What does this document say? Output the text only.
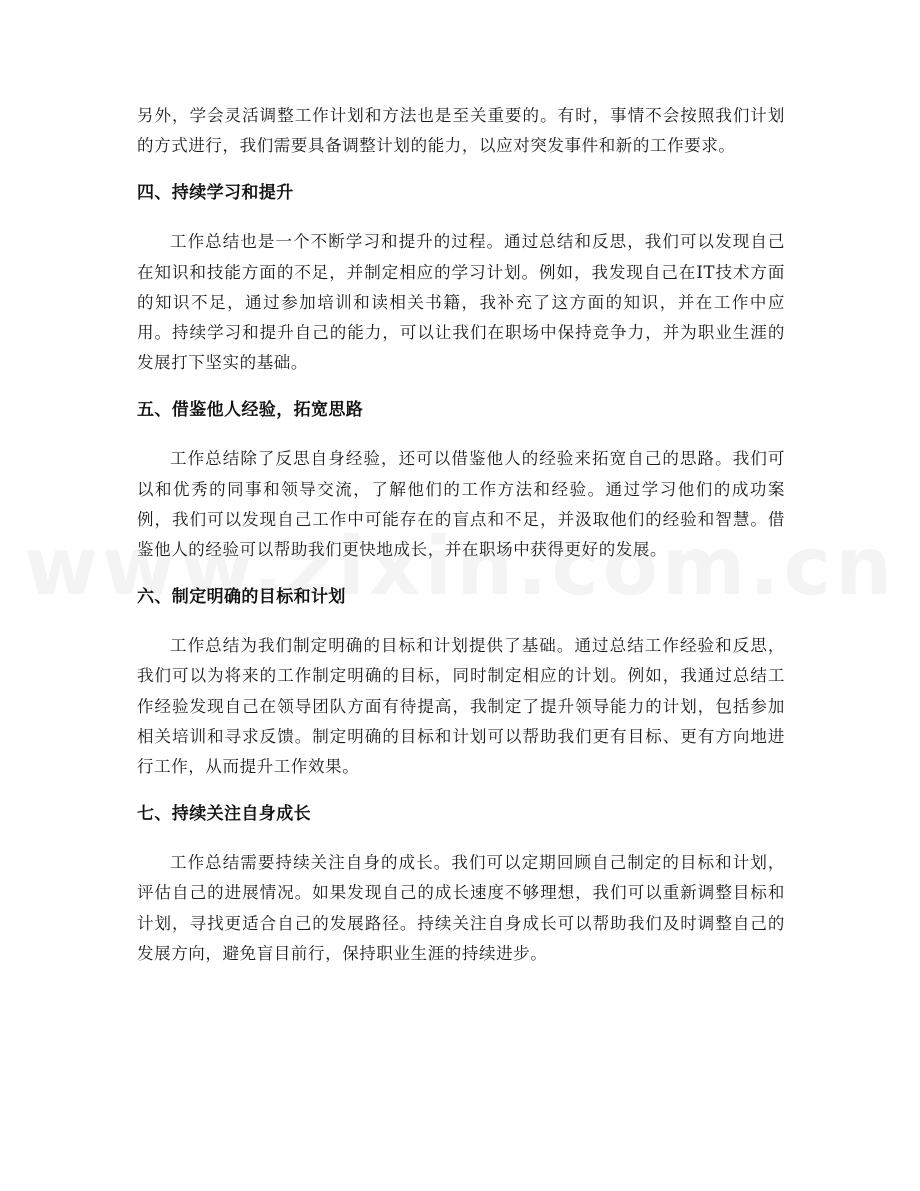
另外，学会灵活调整工作计划和方法也是至关重要的。有时，事情不会按照我们计划的方式进行，我们需要具备调整计划的能力，以应对突发事件和新的工作要求。

四、持续学习和提升

工作总结也是一个不断学习和提升的过程。通过总结和反思，我们可以发现自己在知识和技能方面的不足，并制定相应的学习计划。例如，我发现自己在IT技术方面的知识不足，通过参加培训和读相关书籍，我补充了这方面的知识，并在工作中应用。持续学习和提升自己的能力，可以让我们在职场中保持竞争力，并为职业生涯的发展打下坚实的基础。

五、借鉴他人经验，拓宽思路

工作总结除了反思自身经验，还可以借鉴他人的经验来拓宽自己的思路。我们可以和优秀的同事和领导交流，了解他们的工作方法和经验。通过学习他们的成功案例，我们可以发现自己工作中可能存在的盲点和不足，并汲取他们的经验和智慧。借鉴他人的经验可以帮助我们更快地成长，并在职场中获得更好的发展。

六、制定明确的目标和计划

工作总结为我们制定明确的目标和计划提供了基础。通过总结工作经验和反思，我们可以为将来的工作制定明确的目标，同时制定相应的计划。例如，我通过总结工作经验发现自己在领导团队方面有待提高，我制定了提升领导能力的计划，包括参加相关培训和寻求反馈。制定明确的目标和计划可以帮助我们更有目标、更有方向地进行工作，从而提升工作效果。

七、持续关注自身成长

工作总结需要持续关注自身的成长。我们可以定期回顾自己制定的目标和计划，评估自己的进展情况。如果发现自己的成长速度不够理想，我们可以重新调整目标和计划，寻找更适合自己的发展路径。持续关注自身成长可以帮助我们及时调整自己的发展方向，避免盲目前行，保持职业生涯的持续进步。
